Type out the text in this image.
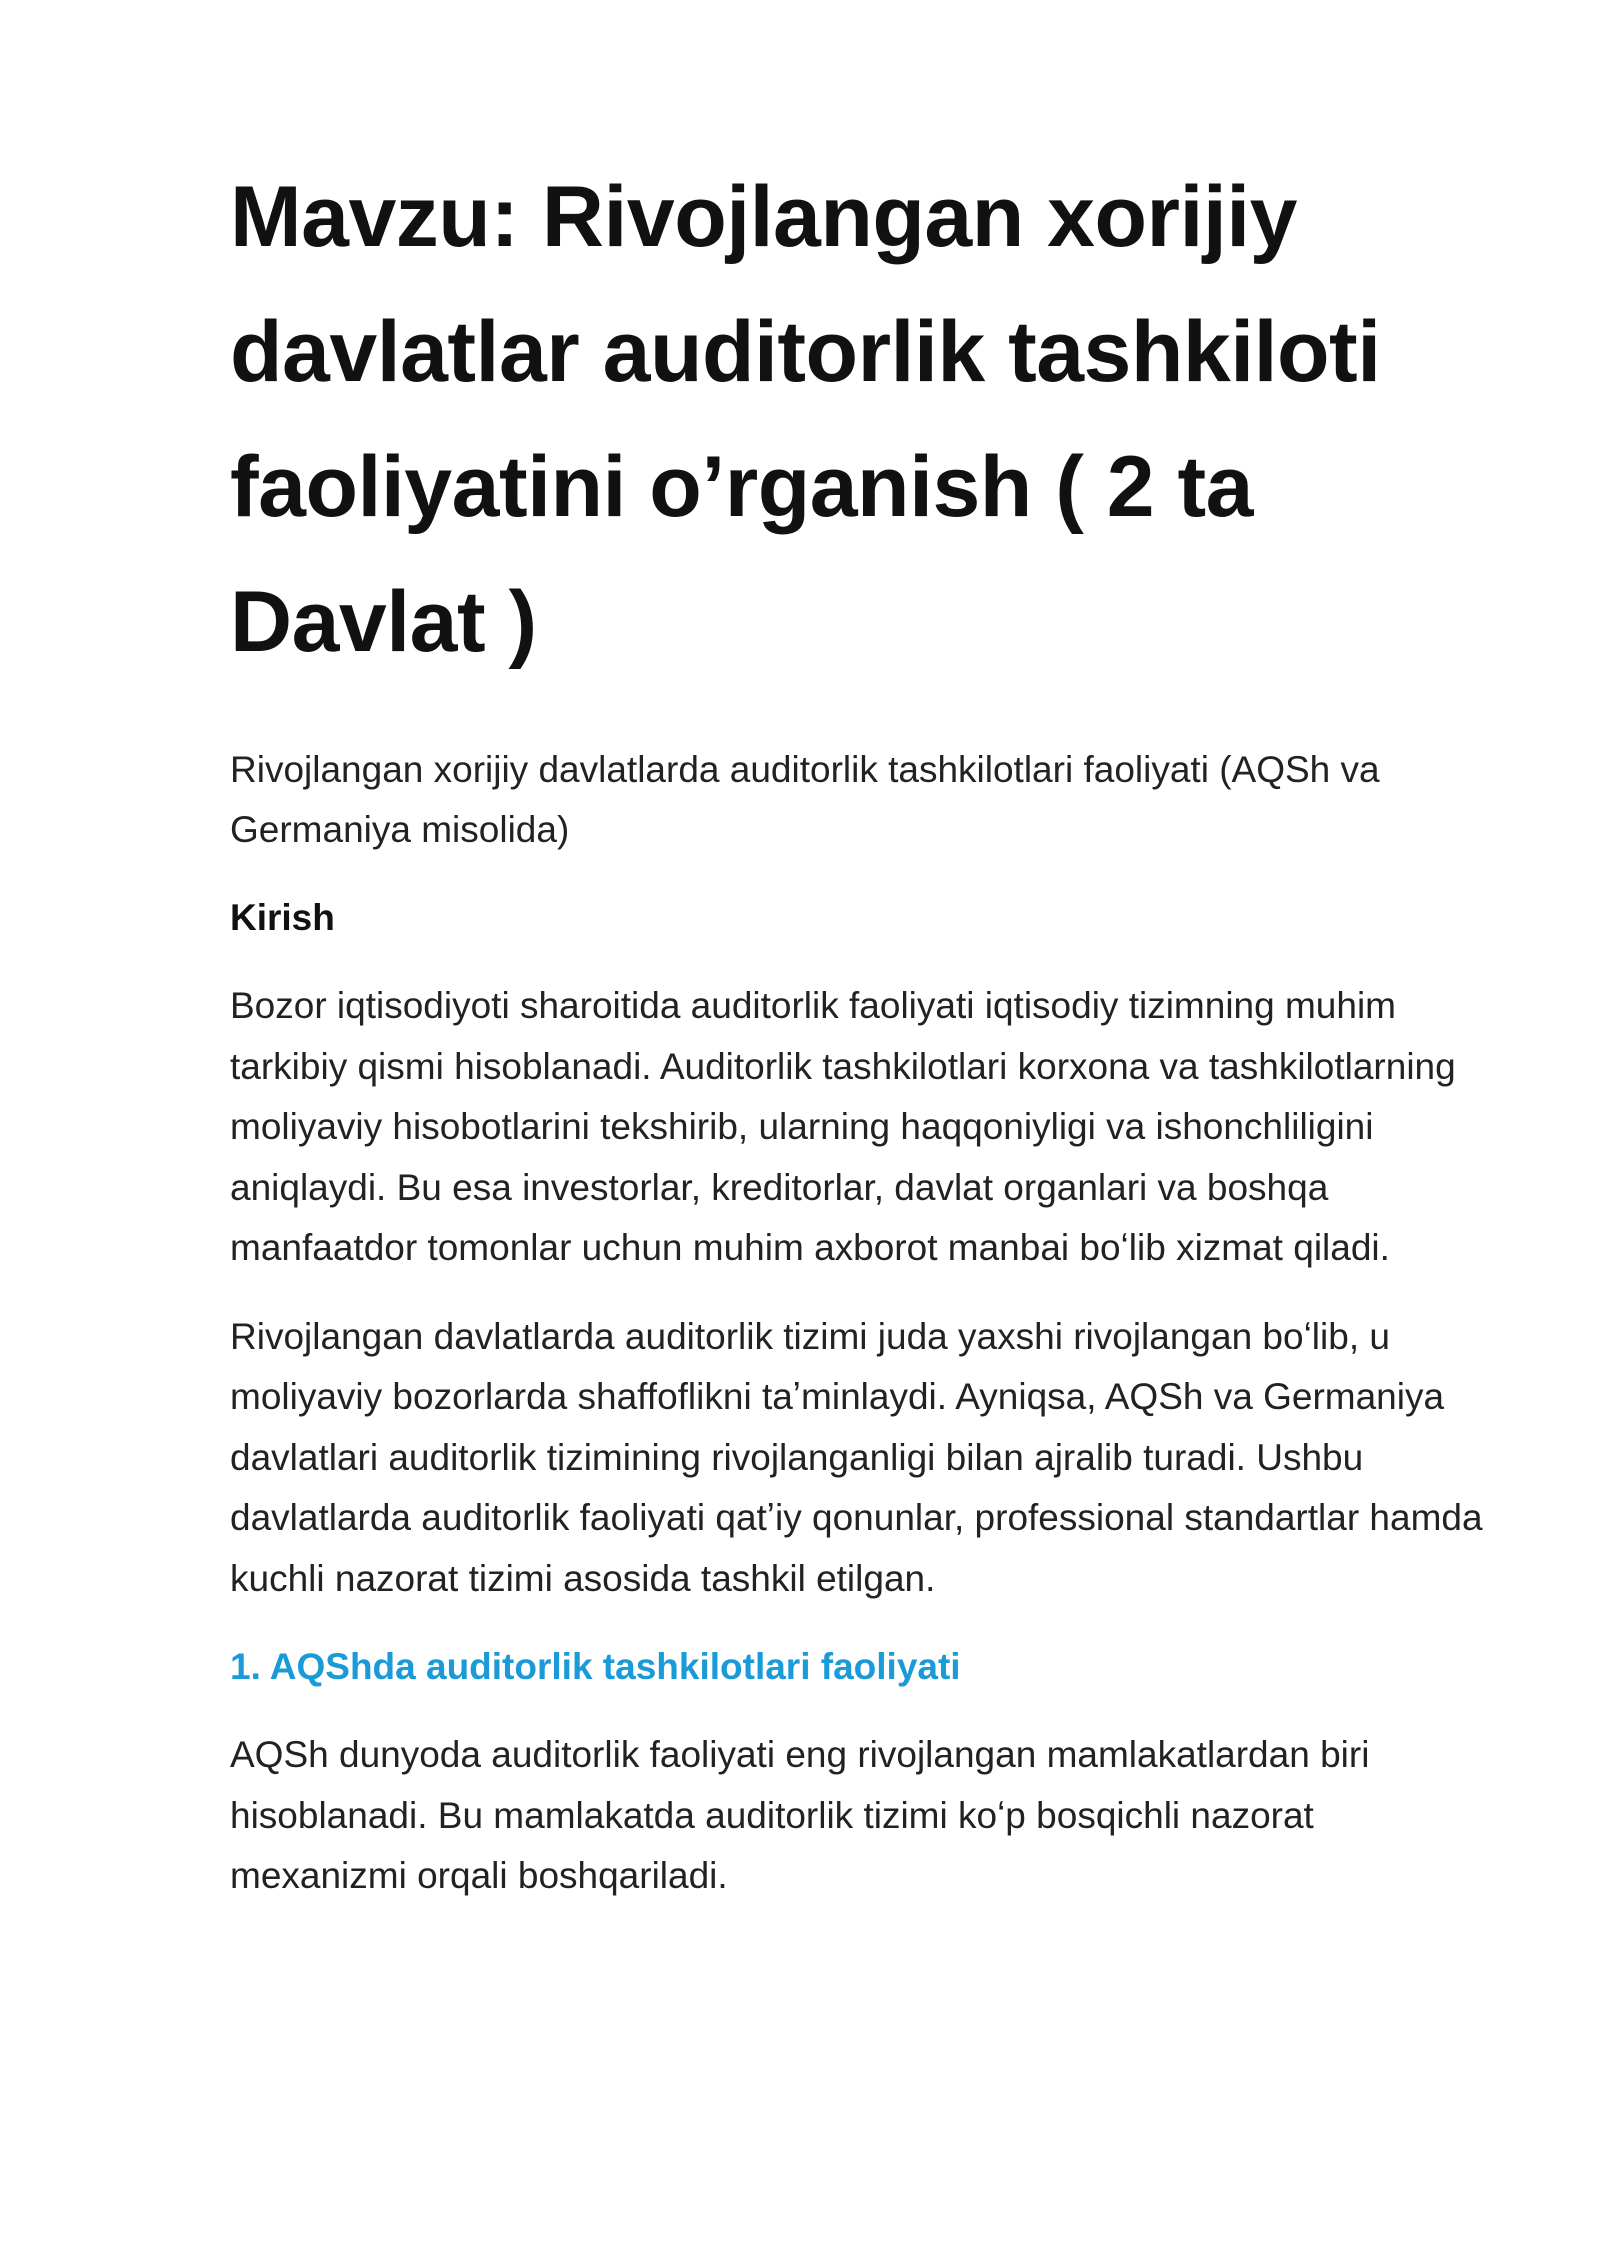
Mavzu: Rivojlangan xorijiy davlatlar auditorlik tashkiloti faoliyatini o’rganish ( 2 ta Davlat )

Rivojlangan xorijiy davlatlarda auditorlik tashkilotlari faoliyati (AQSh va Germaniya misolida)

Kirish

Bozor iqtisodiyoti sharoitida auditorlik faoliyati iqtisodiy tizimning muhim tarkibiy qismi hisoblanadi. Auditorlik tashkilotlari korxona va tashkilotlarning moliyaviy hisobotlarini tekshirib, ularning haqqoniyligi va ishonchliligini aniqlaydi. Bu esa investorlar, kreditorlar, davlat organlari va boshqa manfaatdor tomonlar uchun muhim axborot manbai boʻlib xizmat qiladi.

Rivojlangan davlatlarda auditorlik tizimi juda yaxshi rivojlangan boʻlib, u moliyaviy bozorlarda shaffoflikni taʼminlaydi. Ayniqsa, AQSh va Germaniya davlatlari auditorlik tizimining rivojlanganligi bilan ajralib turadi. Ushbu davlatlarda auditorlik faoliyati qatʼiy qonunlar, professional standartlar hamda kuchli nazorat tizimi asosida tashkil etilgan.

1. AQShda auditorlik tashkilotlari faoliyati

AQSh dunyoda auditorlik faoliyati eng rivojlangan mamlakatlardan biri hisoblanadi. Bu mamlakatda auditorlik tizimi koʻp bosqichli nazorat mexanizmi orqali boshqariladi.
